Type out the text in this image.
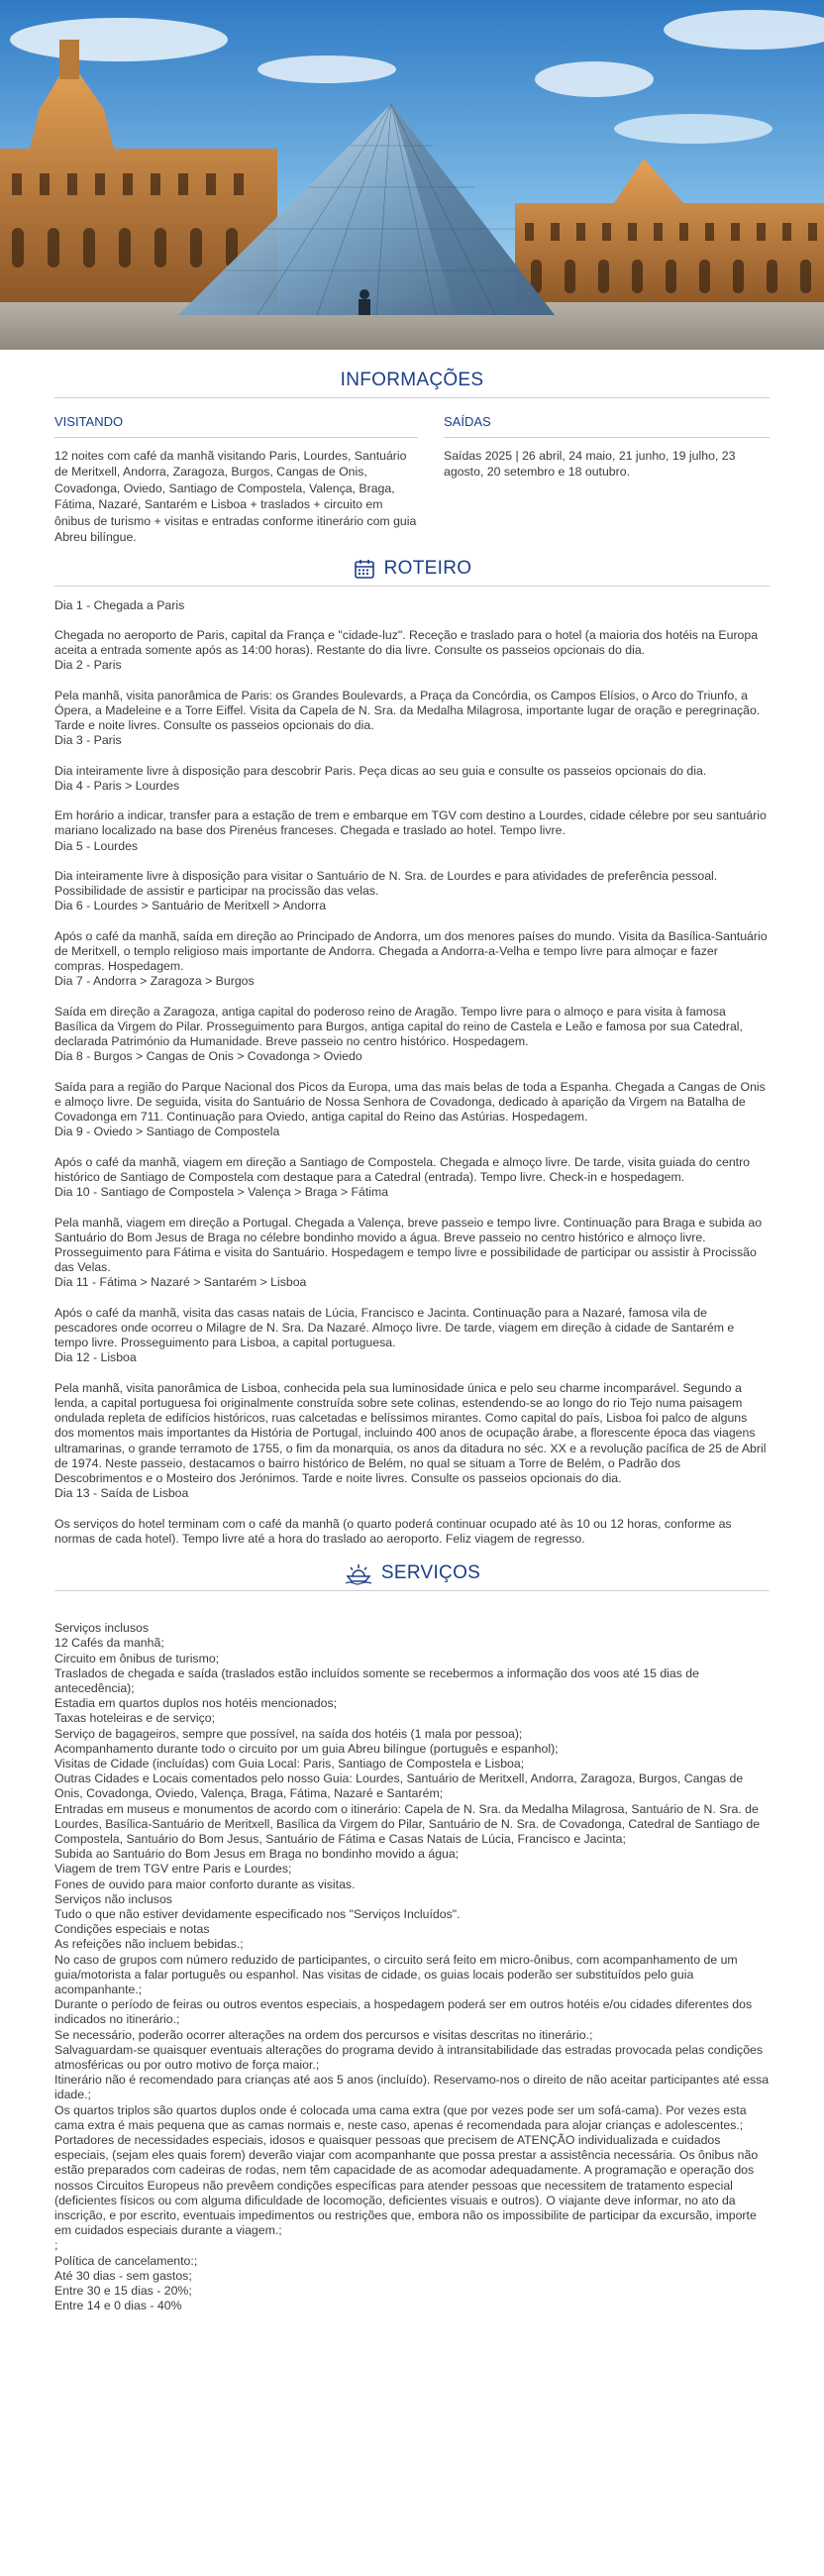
INFORMAÇÕES
VISITANDO

12 noites com café da manhã visitando Paris, Lourdes, Santuário de Meritxell, Andorra, Zaragoza, Burgos, Cangas de Onis, Covadonga, Oviedo, Santiago de Compostela, Valença, Braga, Fátima, Nazaré, Santarém e Lisboa + traslados + circuito em ônibus de turismo + visitas e entradas conforme itinerário com guia Abreu bilíngue.

SAÍDAS

Saídas 2025 | 26 abril, 24 maio, 21 junho, 19 julho, 23 agosto, 20 setembro e 18 outubro.

ROTEIRO
Dia 1 - Chegada a Paris
Chegada no aeroporto de Paris, capital da França e "cidade-luz". Receção e traslado para o hotel (a maioria dos hotéis na Europa aceita a entrada somente após as 14:00 horas). Restante do dia livre. Consulte os passeios opcionais do dia.
Dia 2 - Paris
Pela manhã, visita panorâmica de Paris: os Grandes Boulevards, a Praça da Concórdia, os Campos Elísios, o Arco do Triunfo, a Ópera, a Madeleine e a Torre Eiffel. Visita da Capela de N. Sra. da Medalha Milagrosa, importante lugar de oração e peregrinação. Tarde e noite livres. Consulte os passeios opcionais do dia.
Dia 3 - Paris
Dia inteiramente livre à disposição para descobrir Paris. Peça dicas ao seu guia e consulte os passeios opcionais do dia.
Dia 4 - Paris > Lourdes
Em horário a indicar, transfer para a estação de trem e embarque em TGV com destino a Lourdes, cidade célebre por seu santuário mariano localizado na base dos Pirenéus franceses. Chegada e traslado ao hotel. Tempo livre.
Dia 5 - Lourdes
Dia inteiramente livre à disposição para visitar o Santuário de N. Sra. de Lourdes e para atividades de preferência pessoal. Possibilidade de assistir e participar na procissão das velas.
Dia 6 - Lourdes > Santuário de Meritxell > Andorra
Após o café da manhã, saída em direção ao Principado de Andorra, um dos menores países do mundo. Visita da Basílica-Santuário de Meritxell, o templo religioso mais importante de Andorra. Chegada a Andorra-a-Velha e tempo livre para almoçar e fazer compras. Hospedagem.
Dia 7 - Andorra > Zaragoza > Burgos
Saída em direção a Zaragoza, antiga capital do poderoso reino de Aragão. Tempo livre para o almoço e para visita à famosa Basílica da Virgem do Pilar. Prosseguimento para Burgos, antiga capital do reino de Castela e Leão e famosa por sua Catedral, declarada Património da Humanidade. Breve passeio no centro histórico. Hospedagem.
Dia 8 - Burgos > Cangas de Onis > Covadonga > Oviedo
Saída para a região do Parque Nacional dos Picos da Europa, uma das mais belas de toda a Espanha. Chegada a Cangas de Onis e almoço livre. De seguida, visita do Santuário de Nossa Senhora de Covadonga, dedicado à aparição da Virgem na Batalha de Covadonga em 711. Continuação para Oviedo, antiga capital do Reino das Astúrias. Hospedagem.
Dia 9 - Oviedo > Santiago de Compostela
Após o café da manhã, viagem em direção a Santiago de Compostela. Chegada e almoço livre. De tarde, visita guiada do centro histórico de Santiago de Compostela com destaque para a Catedral (entrada). Tempo livre. Check-in e hospedagem.
Dia 10 - Santiago de Compostela > Valença > Braga > Fátima
Pela manhã, viagem em direção a Portugal. Chegada a Valença, breve passeio e tempo livre. Continuação para Braga e subida ao Santuário do Bom Jesus de Braga no célebre bondinho movido a água. Breve passeio no centro histórico e almoço livre. Prosseguimento para Fátima e visita do Santuário. Hospedagem e tempo livre e possibilidade de participar ou assistir à Procissão das Velas.
Dia 11 - Fátima > Nazaré > Santarém > Lisboa
Após o café da manhã, visita das casas natais de Lúcia, Francisco e Jacinta. Continuação para a Nazaré, famosa vila de pescadores onde ocorreu o Milagre de N. Sra. Da Nazaré. Almoço livre. De tarde, viagem em direção à cidade de Santarém e tempo livre. Prosseguimento para Lisboa, a capital portuguesa.
Dia 12 - Lisboa
Pela manhã, visita panorâmica de Lisboa, conhecida pela sua luminosidade única e pelo seu charme incomparável. Segundo a lenda, a capital portuguesa foi originalmente construída sobre sete colinas, estendendo-se ao longo do rio Tejo numa paisagem ondulada repleta de edifícios históricos, ruas calcetadas e belíssimos mirantes. Como capital do país, Lisboa foi palco de alguns dos momentos mais importantes da História de Portugal, incluindo 400 anos de ocupação árabe, a florescente época das viagens ultramarinas, o grande terramoto de 1755, o fim da monarquia, os anos da ditadura no séc. XX e a revolução pacífica de 25 de Abril de 1974. Neste passeio, destacamos o bairro histórico de Belém, no qual se situam a Torre de Belém, o Padrão dos Descobrimentos e o Mosteiro dos Jerónimos. Tarde e noite livres. Consulte os passeios opcionais do dia.
Dia 13 - Saída de Lisboa
Os serviços do hotel terminam com o café da manhã (o quarto poderá continuar ocupado até às 10 ou 12 horas, conforme as normas de cada hotel). Tempo livre até a hora do traslado ao aeroporto. Feliz viagem de regresso.
SERVIÇOS
Serviços inclusos
12 Cafés da manhã;
Circuito em ônibus de turismo;
Traslados de chegada e saída (traslados estão incluídos somente se recebermos a informação dos voos até 15 dias de antecedência);
Estadia em quartos duplos nos hotéis mencionados;
Taxas hoteleiras e de serviço;
Serviço de bagageiros, sempre que possível, na saída dos hotéis (1 mala por pessoa);
Acompanhamento durante todo o circuito por um guia Abreu bilíngue (português e espanhol);
Visitas de Cidade (incluídas) com Guia Local: Paris, Santiago de Compostela e Lisboa;
Outras Cidades e Locais comentados pelo nosso Guia: Lourdes, Santuário de Meritxell, Andorra, Zaragoza, Burgos, Cangas de Onis, Covadonga, Oviedo, Valença, Braga, Fátima, Nazaré e Santarém;
Entradas em museus e monumentos de acordo com o itinerário: Capela de N. Sra. da Medalha Milagrosa, Santuário de N. Sra. de Lourdes, Basílica-Santuário de Meritxell, Basílica da Virgem do Pilar, Santuário de N. Sra. de Covadonga, Catedral de Santiago de Compostela, Santuário do Bom Jesus, Santuário de Fátima e Casas Natais de Lúcia, Francisco e Jacinta;
Subida ao Santuário do Bom Jesus em Braga no bondinho movido a água;
Viagem de trem TGV entre Paris e Lourdes;
Fones de ouvido para maior conforto durante as visitas.
Serviços não inclusos
Tudo o que não estiver devidamente especificado nos "Serviços Incluídos".
Condições especiais e notas
As refeições não incluem bebidas.;
No caso de grupos com número reduzido de participantes, o circuito será feito em micro-ônibus, com acompanhamento de um guia/motorista a falar português ou espanhol. Nas visitas de cidade, os guias locais poderão ser substituídos pelo guia acompanhante.;
Durante o período de feiras ou outros eventos especiais, a hospedagem poderá ser em outros hotéis e/ou cidades diferentes dos indicados no itinerário.;
Se necessário, poderão ocorrer alterações na ordem dos percursos e visitas descritas no itinerário.;
Salvaguardam-se quaisquer eventuais alterações do programa devido à intransitabilidade das estradas provocada pelas condições atmosféricas ou por outro motivo de força maior.;
Itinerário não é recomendado para crianças até aos 5 anos (incluído). Reservamo-nos o direito de não aceitar participantes até essa idade.;
Os quartos triplos são quartos duplos onde é colocada uma cama extra (que por vezes pode ser um sofá-cama). Por vezes esta cama extra é mais pequena que as camas normais e, neste caso, apenas é recomendada para alojar crianças e adolescentes.;
Portadores de necessidades especiais, idosos e quaisquer pessoas que precisem de ATENÇÃO individualizada e cuidados especiais, (sejam eles quais forem) deverão viajar com acompanhante que possa prestar a assistência necessária. Os ônibus não estão preparados com cadeiras de rodas, nem têm capacidade de as acomodar adequadamente. A programação e operação dos nossos Circuitos Europeus não prevêem condições específicas para atender pessoas que necessitem de tratamento especial (deficientes físicos ou com alguma dificuldade de locomoção, deficientes visuais e outros). O viajante deve informar, no ato da inscrição, e por escrito, eventuais impedimentos ou restrições que, embora não os impossibilite de participar da excursão, importe em cuidados especiais durante a viagem.;
;
Política de cancelamento:;
Até 30 dias - sem gastos;
Entre 30 e 15 dias - 20%;
Entre 14 e 0 dias - 40%
